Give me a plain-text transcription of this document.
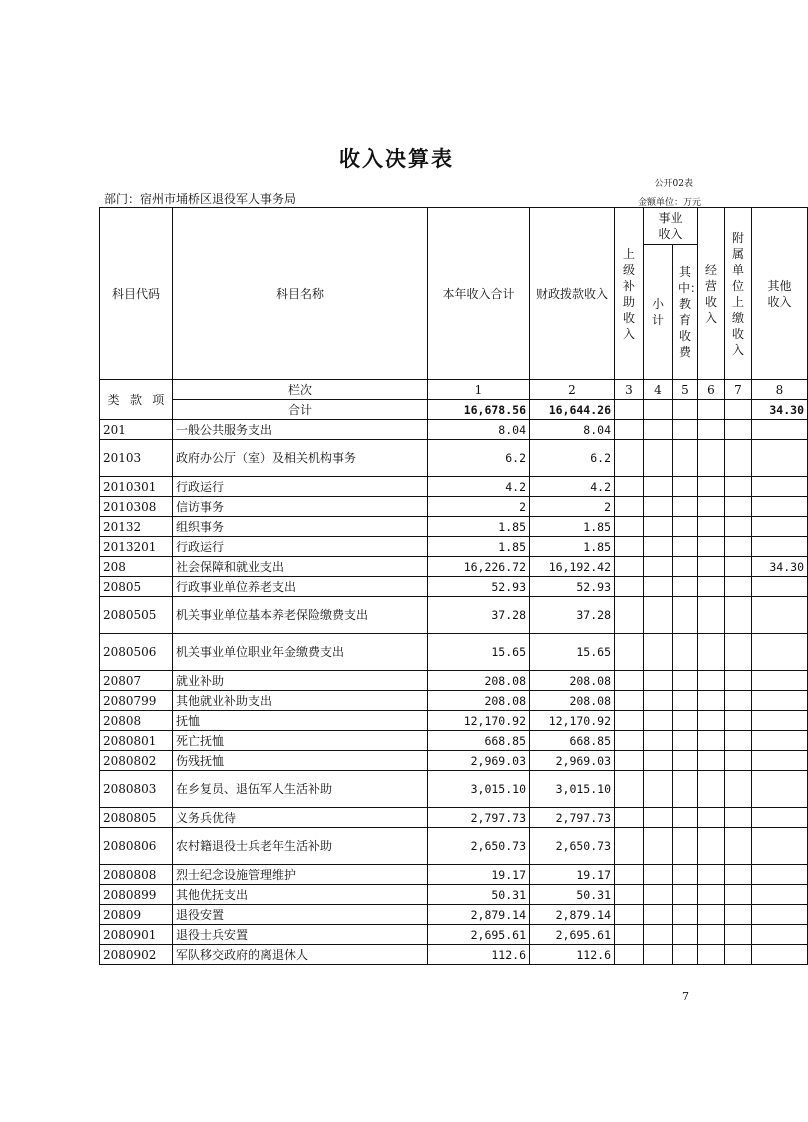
收入决算表
公开02表
部门：宿州市埇桥区退役军人事务局	金额单位：万元
科目代码	科目名称	本年收入合计	财政拨款收入	上级补助收入	事业收入		经营收入	附属单位上缴收入	其他收入
					小计	其中：教育收费			

类 款 项	栏次	1	2	3	4	5	6	7	8
	合计	16,678.56	16,644.26						34.30
201	一般公共服务支出	8.04	8.04						
20103	政府办公厅（室）及相关机构事务	6.2	6.2						
2010301	行政运行	4.2	4.2						
2010308	信访事务	2	2						
20132	组织事务	1.85	1.85						
2013201	行政运行	1.85	1.85						
208	社会保障和就业支出	16,226.72	16,192.42						34.30
20805	行政事业单位养老支出	52.93	52.93						
2080505	机关事业单位基本养老保险缴费支出	37.28	37.28						
2080506	机关事业单位职业年金缴费支出	15.65	15.65						
20807	就业补助	208.08	208.08						
2080799	其他就业补助支出	208.08	208.08						
20808	抚恤	12,170.92	12,170.92						
2080801	死亡抚恤	668.85	668.85						
2080802	伤残抚恤	2,969.03	2,969.03						
2080803	在乡复员、退伍军人生活补助	3,015.10	3,015.10						
2080805	义务兵优待	2,797.73	2,797.73						
2080806	农村籍退役士兵老年生活补助	2,650.73	2,650.73						
2080808	烈士纪念设施管理维护	19.17	19.17						
2080899	其他优抚支出	50.31	50.31						
20809	退役安置	2,879.14	2,879.14						
2080901	退役士兵安置	2,695.61	2,695.61						
2080902	军队移交政府的离退休人	112.6	112.6						
7
